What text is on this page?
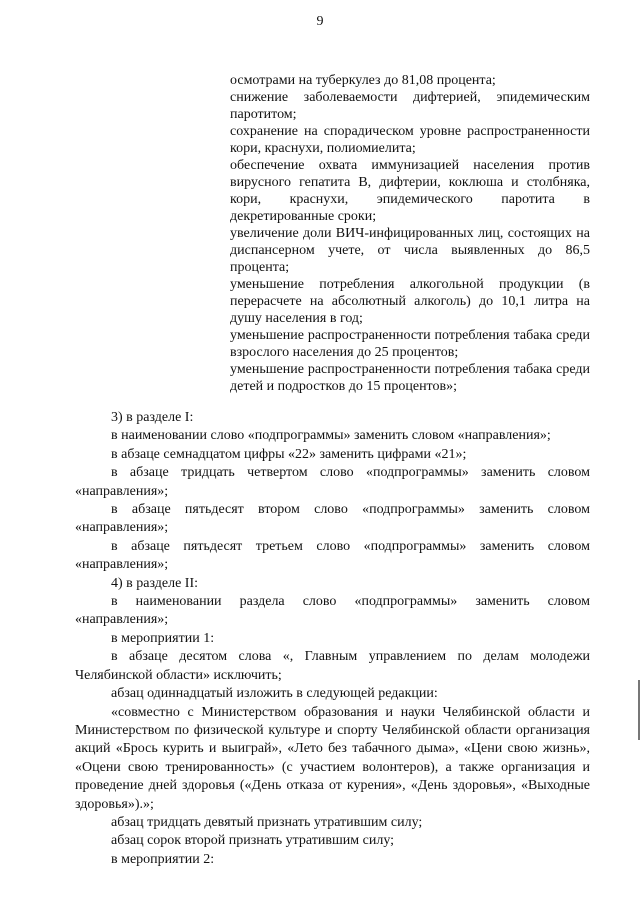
9

осмотрами на туберкулез до 81,08 процента;

снижение заболеваемости дифтерией, эпидемическим паротитом;

сохранение на спорадическом уровне распространенности кори, краснухи, полиомиелита;

обеспечение охвата иммунизацией населения против вирусного гепатита В, дифтерии, коклюша и столбняка, кори, краснухи, эпидемического паротита в декретированные сроки;

увеличение доли ВИЧ-инфицированных лиц, состоящих на диспансерном учете, от числа выявленных до 86,5 процента;

уменьшение потребления алкогольной продукции (в перерасчете на абсолютный алкоголь) до 10,1 литра на душу населения в год;

уменьшение распространенности потребления табака среди взрослого населения до 25 процентов;

уменьшение распространенности потребления табака среди детей и подростков до 15 процентов»;

3) в разделе I:

в наименовании слово «подпрограммы» заменить словом «направления»;

в абзаце семнадцатом цифры «22» заменить цифрами «21»;

в абзаце тридцать четвертом слово «подпрограммы» заменить словом «направления»;

в абзаце пятьдесят втором слово «подпрограммы» заменить словом «направления»;

в абзаце пятьдесят третьем слово «подпрограммы» заменить словом «направления»;

4) в разделе II:

в наименовании раздела слово «подпрограммы» заменить словом «направления»;

в мероприятии 1:

в абзаце десятом слова «, Главным управлением по делам молодежи Челябинской области» исключить;

абзац одиннадцатый изложить в следующей редакции:

«совместно с Министерством образования и науки Челябинской области и Министерством по физической культуре и спорту Челябинской области организация акций «Брось курить и выиграй», «Лето без табачного дыма», «Цени свою жизнь», «Оцени свою тренированность» (с участием волонтеров), а также организация и проведение дней здоровья («День отказа от курения», «День здоровья», «Выходные здоровья»).»;

абзац тридцать девятый признать утратившим силу;

абзац сорок второй признать утратившим силу;

в мероприятии 2:
